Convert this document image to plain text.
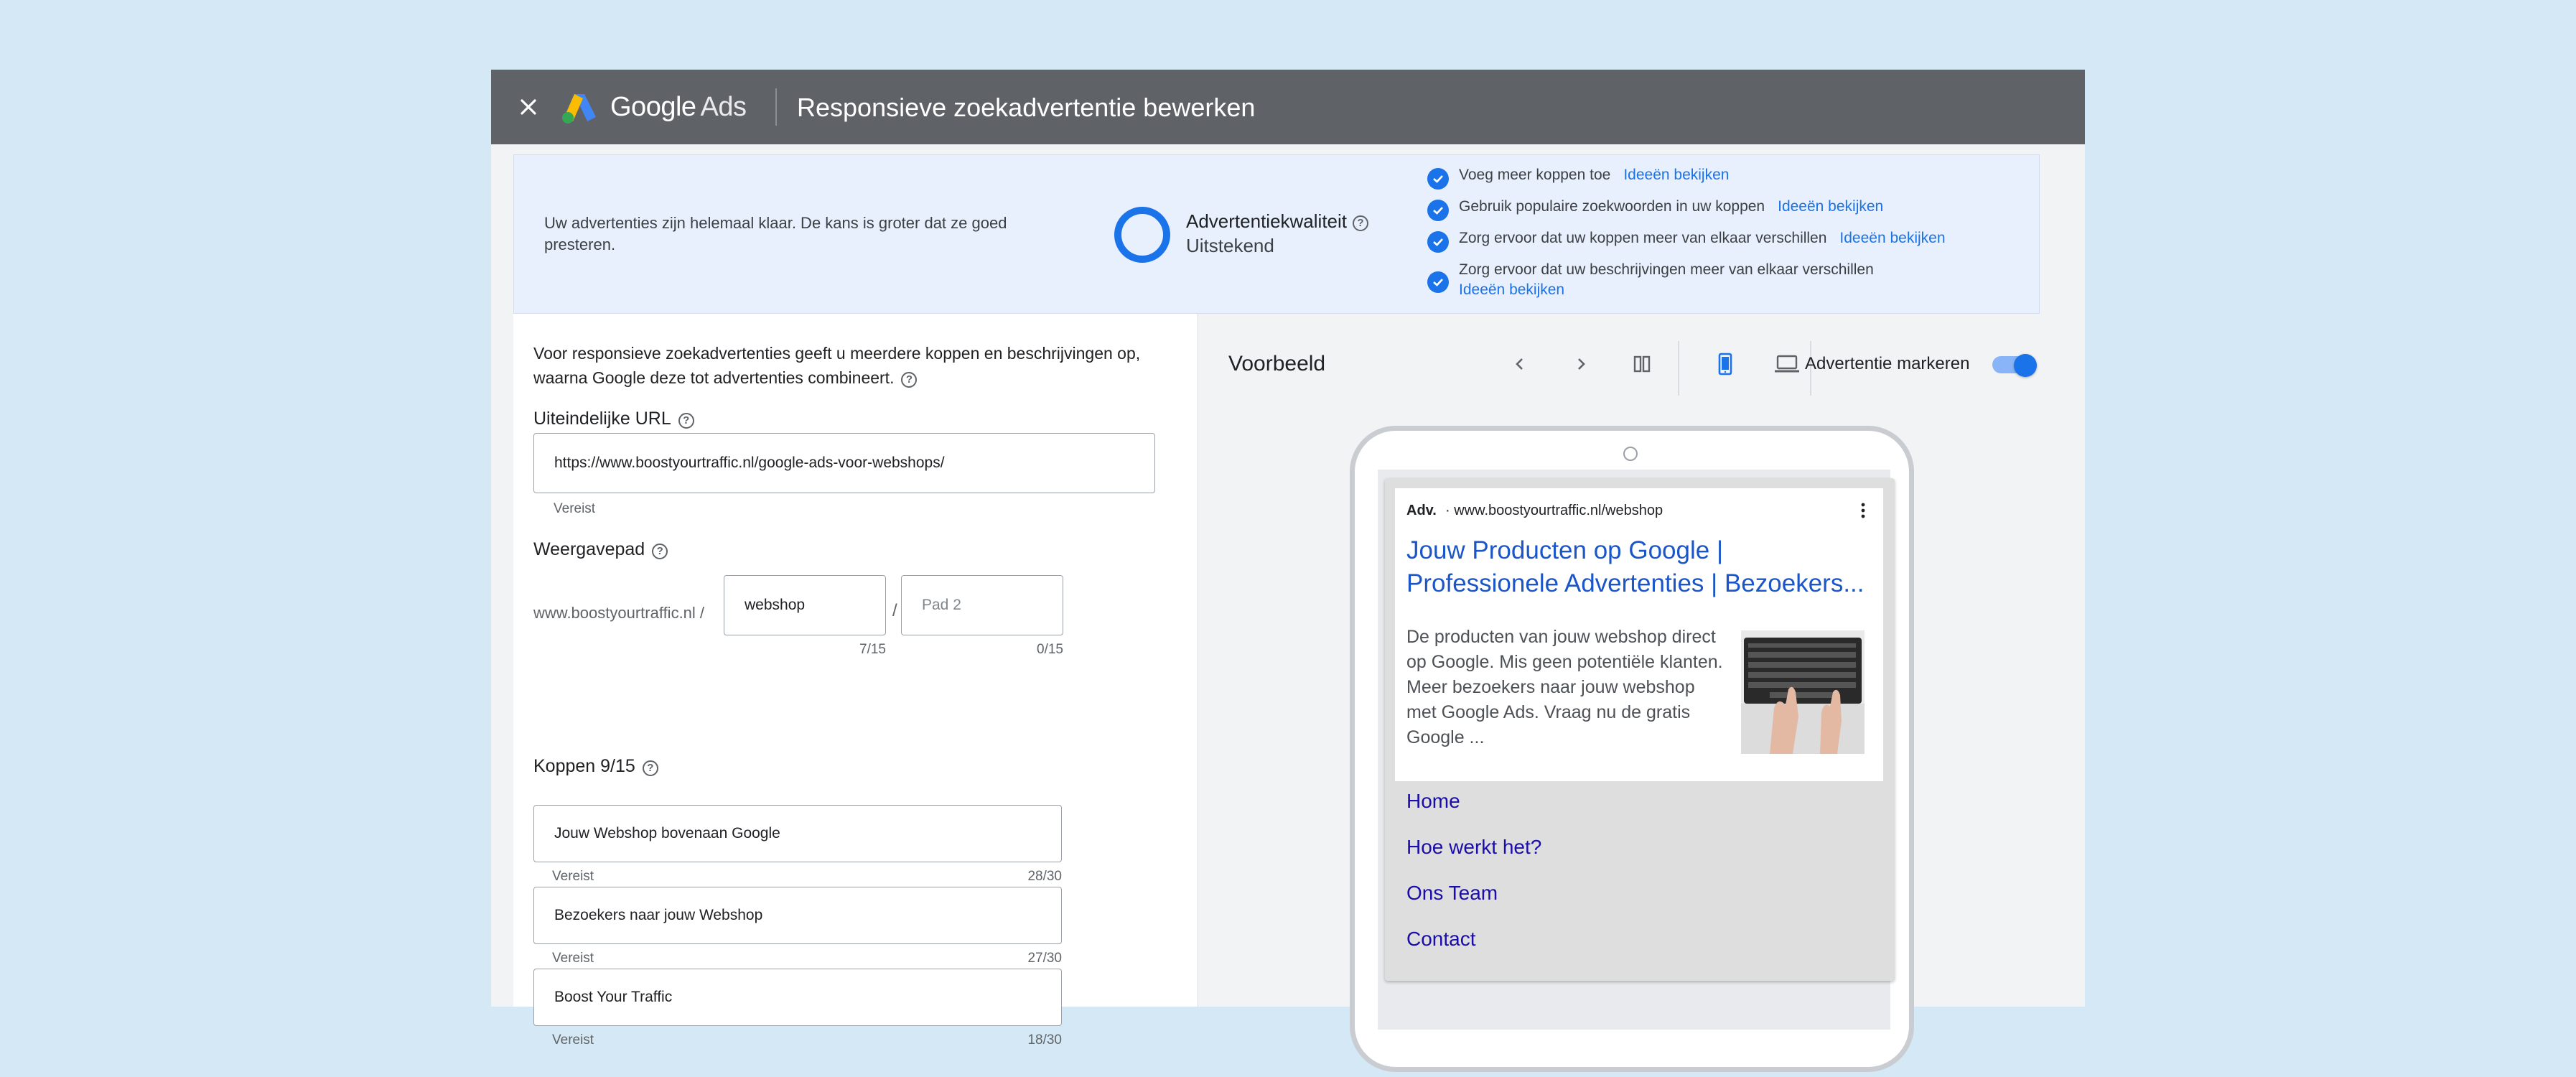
Google Ads Responsieve zoekadvertentie bewerken
Uw advertenties zijn helemaal klaar. De kans is groter dat ze goed presteren.
Advertentiekwaliteit ?
Uitstekend
Voeg meer koppen toe Ideeën bekijken
Gebruik populaire zoekwoorden in uw koppen Ideeën bekijken
Zorg ervoor dat uw koppen meer van elkaar verschillen Ideeën bekijken
Zorg ervoor dat uw beschrijvingen meer van elkaar verschillen
Ideeën bekijken
Voor responsieve zoekadvertenties geeft u meerdere koppen en beschrijvingen op, waarna Google deze tot advertenties combineert. ?
Uiteindelijke URL ?
https://www.boostyourtraffic.nl/google-ads-voor-webshops/
Vereist
Weergavepad ?
www.boostyourtraffic.nl /	webshop	/	Pad 2
7/15	0/15
Koppen 9/15 ?
Jouw Webshop bovenaan Google
Vereist	28/30
Bezoekers naar jouw Webshop
Vereist	27/30
Boost Your Traffic
Vereist	18/30
Voorbeeld	Advertentie markeren
Adv. · www.boostyourtraffic.nl/webshop
Jouw Producten op Google | Professionele Advertenties | Bezoekers...
De producten van jouw webshop direct op Google. Mis geen potentiële klanten. Meer bezoekers naar jouw webshop met Google Ads. Vraag nu de gratis Google ...
Home
Hoe werkt het?
Ons Team
Contact
